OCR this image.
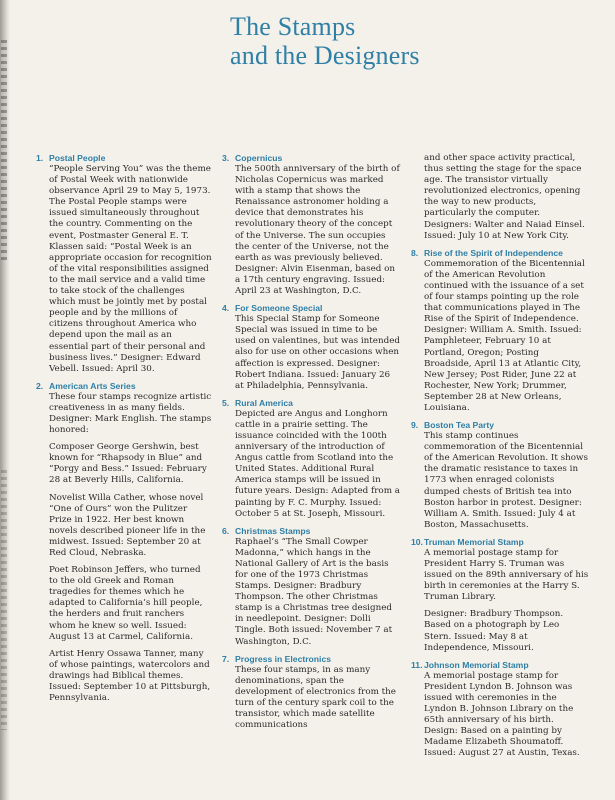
The Stamps
and the Designers
1. Postal People

“People Serving You” was the theme of Postal Week with nationwide observance April 29 to May 5, 1973. The Postal People stamps were issued simultaneously throughout the country. Commenting on the event, Postmaster General E. T. Klassen said: “Postal Week is an appropriate occasion for recognition of the vital responsibilities assigned to the mail service and a valid time to take stock of the challenges which must be jointly met by postal people and by the millions of citizens throughout America who depend upon the mail as an essential part of their personal and business lives.” Designer: Edward Vebell. Issued: April 30.

2. American Arts Series

These four stamps recognize artistic creativeness in as many fields. Designer: Mark English. The stamps honored:

Composer George Gershwin, best known for “Rhapsody in Blue” and “Porgy and Bess.” Issued: February 28 at Beverly Hills, California.

Novelist Willa Cather, whose novel “One of Ours” won the Pulitzer Prize in 1922. Her best known novels described pioneer life in the midwest. Issued: September 20 at Red Cloud, Nebraska.

Poet Robinson Jeffers, who turned to the old Greek and Roman tragedies for themes which he adapted to California’s hill people, the herders and fruit ranchers whom he knew so well. Issued: August 13 at Carmel, California.

Artist Henry Ossawa Tanner, many of whose paintings, watercolors and drawings had Biblical themes. Issued: September 10 at Pittsburgh, Pennsylvania.

3. Copernicus

The 500th anniversary of the birth of Nicholas Copernicus was marked with a stamp that shows the Renaissance astronomer holding a device that demonstrates his revolutionary theory of the concept of the Universe. The sun occupies the center of the Universe, not the earth as was previously believed. Designer: Alvin Eisenman, based on a 17th century engraving. Issued: April 23 at Washington, D.C.

4. For Someone Special

This Special Stamp for Someone Special was issued in time to be used on valentines, but was intended also for use on other occasions when affection is expressed. Designer: Robert Indiana. Issued: January 26 at Philadelphia, Pennsylvania.

5. Rural America

Depicted are Angus and Longhorn cattle in a prairie setting. The issuance coincided with the 100th anniversary of the introduction of Angus cattle from Scotland into the United States. Additional Rural America stamps will be issued in future years. Design: Adapted from a painting by F. C. Murphy. Issued: October 5 at St. Joseph, Missouri.

6. Christmas Stamps

Raphael’s “The Small Cowper Madonna,” which hangs in the National Gallery of Art is the basis for one of the 1973 Christmas Stamps. Designer: Bradbury Thompson. The other Christmas stamp is a Christmas tree designed in needlepoint. Designer: Dolli Tingle. Both issued: November 7 at Washington, D.C.

7. Progress in Electronics

These four stamps, in as many denominations, span the development of electronics from the turn of the century spark coil to the transistor, which made satellite communications

and other space activity practical, thus setting the stage for the space age. The transistor virtually revolutionized electronics, opening the way to new products, particularly the computer. Designers: Walter and Naiad Einsel. Issued: July 10 at New York City.

8. Rise of the Spirit of Independence

Commemoration of the Bicentennial of the American Revolution continued with the issuance of a set of four stamps pointing up the role that communications played in The Rise of the Spirit of Independence. Designer: William A. Smith. Issued: Pamphleteer, February 10 at Portland, Oregon; Posting Broadside, April 13 at Atlantic City, New Jersey; Post Rider, June 22 at Rochester, New York; Drummer, September 28 at New Orleans, Louisiana.

9. Boston Tea Party

This stamp continues commemoration of the Bicentennial of the American Revolution. It shows the dramatic resistance to taxes in 1773 when enraged colonists dumped chests of British tea into Boston harbor in protest. Designer: William A. Smith. Issued: July 4 at Boston, Massachusetts.

10.Truman Memorial Stamp

A memorial postage stamp for President Harry S. Truman was issued on the 89th anniversary of his birth in ceremonies at the Harry S. Truman Library.

Designer: Bradbury Thompson. Based on a photograph by Leo Stern. Issued: May 8 at Independence, Missouri.

11. Johnson Memorial Stamp

A memorial postage stamp for President Lyndon B. Johnson was issued with ceremonies in the Lyndon B. Johnson Library on the 65th anniversary of his birth. Design: Based on a painting by Madame Elizabeth Shoumatoff. Issued: August 27 at Austin, Texas.
